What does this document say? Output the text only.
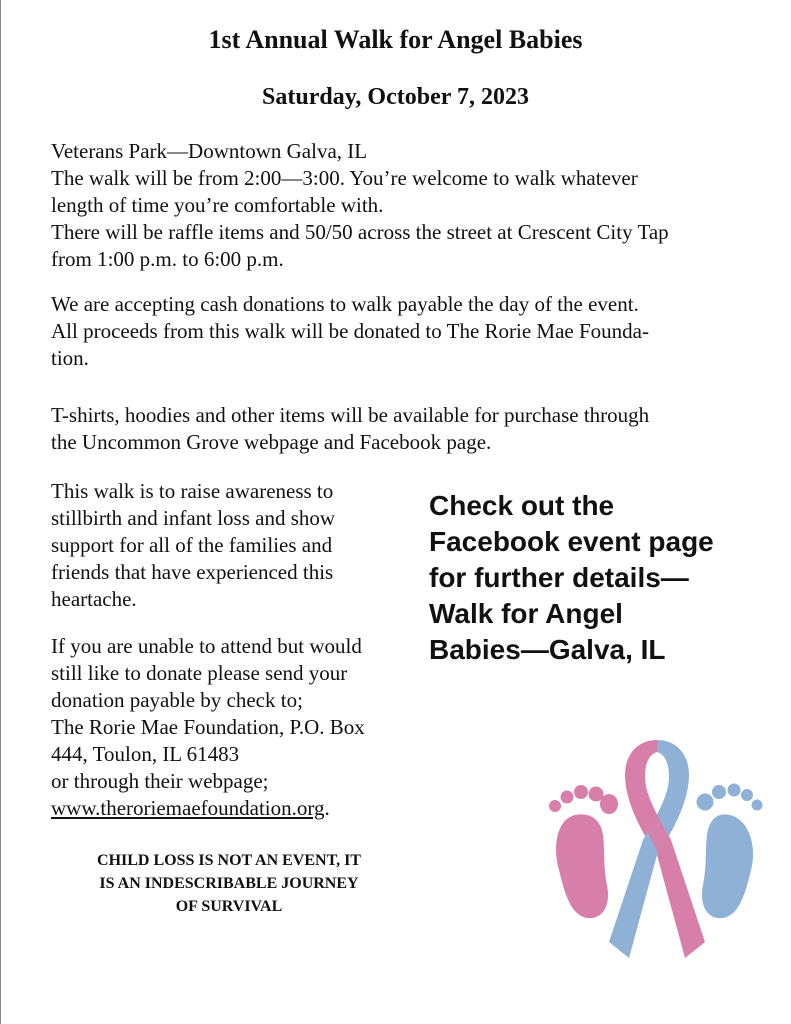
1st Annual Walk for Angel Babies
Saturday, October 7, 2023

Veterans Park—Downtown Galva, IL
The walk will be from 2:00—3:00. You’re welcome to walk whatever
length of time you’re comfortable with.
There will be raffle items and 50/50 across the street at Crescent City Tap
from 1:00 p.m. to 6:00 p.m.

We are accepting cash donations to walk payable the day of the event.
All proceeds from this walk will be donated to The Rorie Mae Founda-
tion.

T-shirts, hoodies and other items will be available for purchase through
the Uncommon Grove webpage and Facebook page.

This walk is to raise awareness to
stillbirth and infant loss and show
support for all of the families and
friends that have experienced this
heartache.

If you are unable to attend but would
still like to donate please send your
donation payable by check to;
The Rorie Mae Foundation, P.O. Box
444, Toulon, IL 61483
or through their webpage;
www.theroriemaefoundation.org.

CHILD LOSS IS NOT AN EVENT, IT
IS AN INDESCRIBABLE JOURNEY
OF SURVIVAL

Check out the
Facebook event page
for further details—
Walk for Angel
Babies—Galva, IL
